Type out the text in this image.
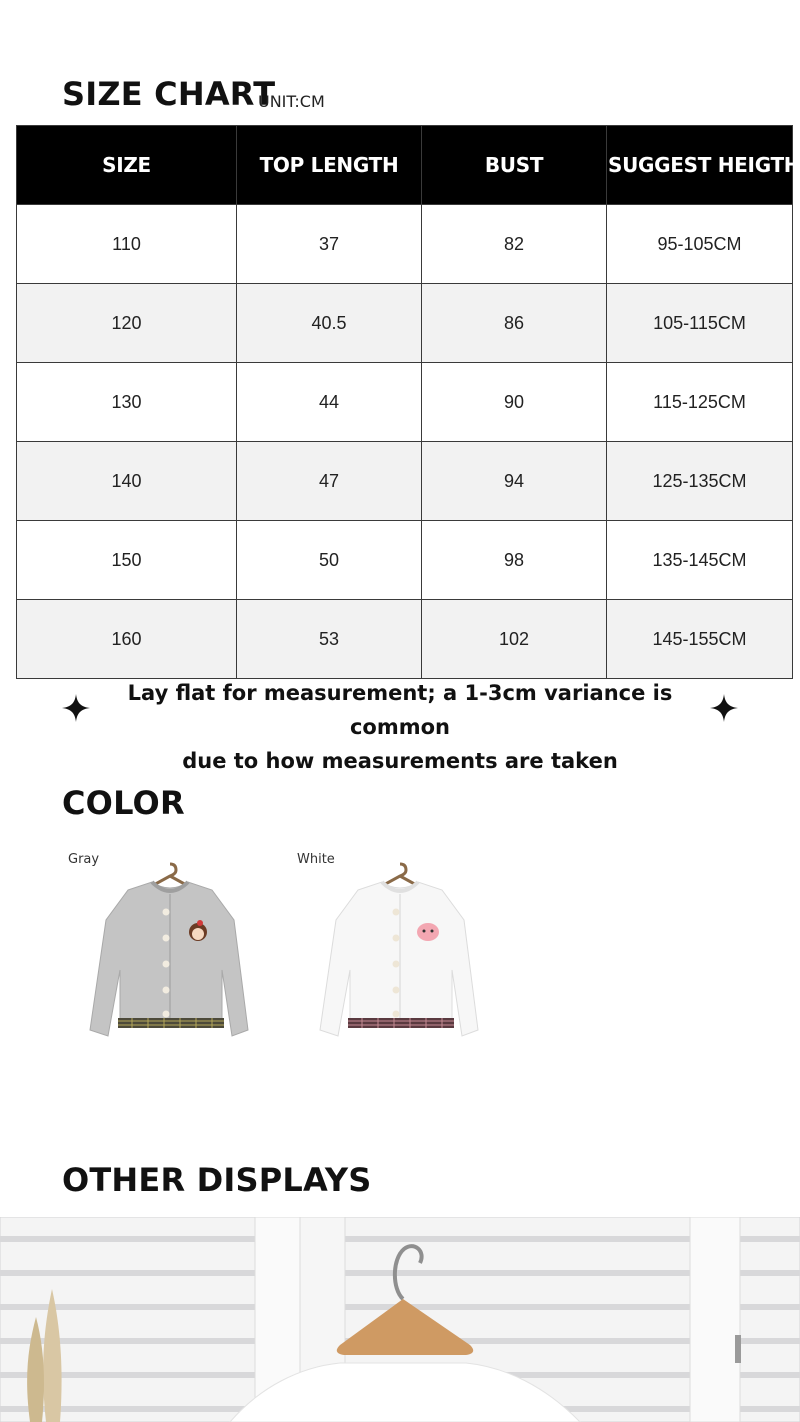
SIZE CHART
UNIT:CM
SIZE	TOP LENGTH	BUST	SUGGEST HEIGTH
110	37	82	95-105CM
120	40.5	86	105-115CM
130	44	90	115-125CM
140	47	94	125-135CM
150	50	98	135-145CM
160	53	102	145-155CM
Lay flat for measurement; a 1-3cm variance is common
due to how measurements are taken
COLOR
Gray	White
OTHER DISPLAYS
